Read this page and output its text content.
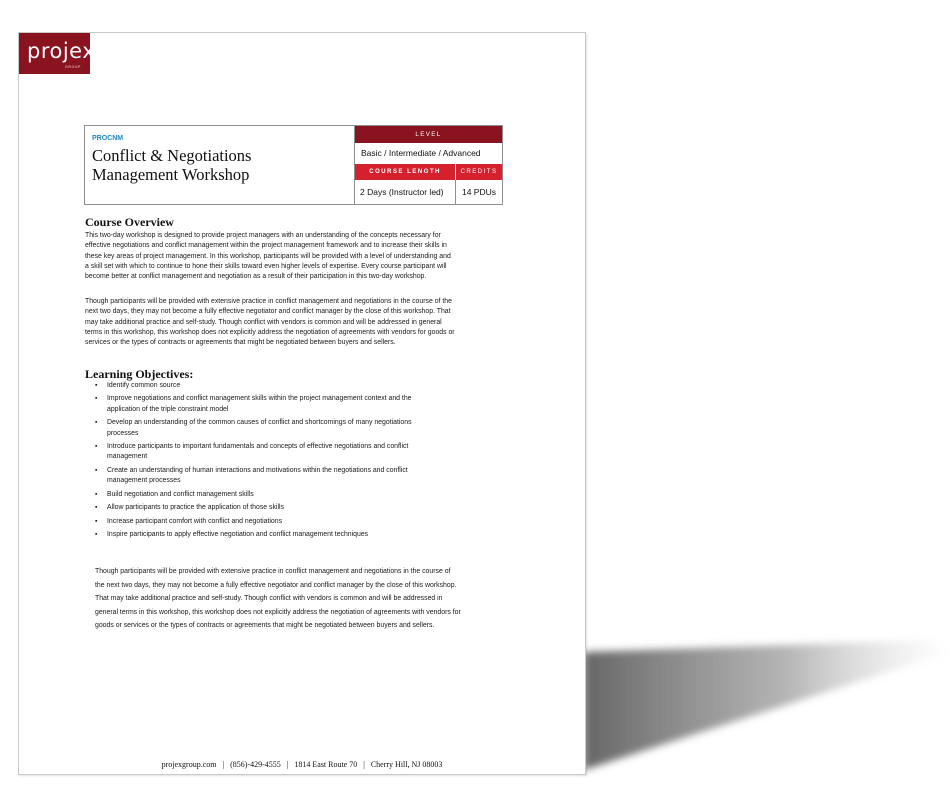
projex
GROUP
PROCNM
Conflict & Negotiations
Management Workshop
LEVEL
Basic / Intermediate / Advanced
COURSE LENGTH	CREDITS
2 Days (Instructor led)	14 PDUs
Course Overview

This two-day workshop is designed to provide project managers with an understanding of the concepts necessary for
effective negotiations and conflict management within the project management framework and to increase their skills in
these key areas of project management. In this workshop, participants will be provided with a level of understanding and
a skill set with which to continue to hone their skills toward even higher levels of expertise. Every course participant will
become better at conflict management and negotiation as a result of their participation in this two-day workshop.

Though participants will be provided with extensive practice in conflict management and negotiations in the course of the
next two days, they may not become a fully effective negotiator and conflict manager by the close of this workshop. That
may take additional practice and self-study. Though conflict with vendors is common and will be addressed in general
terms in this workshop, this workshop does not explicitly address the negotiation of agreements with vendors for goods or
services or the types of contracts or agreements that might be negotiated between buyers and sellers.

Learning Objectives:
▪ Identify common source
▪ Improve negotiations and conflict management skills within the project management context and the
application of the triple constraint model
▪ Develop an understanding of the common causes of conflict and shortcomings of many negotiations
processes
▪ Introduce participants to important fundamentals and concepts of effective negotiations and conflict
management
▪ Create an understanding of human interactions and motivations within the negotiations and conflict
management processes
▪ Build negotiation and conflict management skills
▪ Allow participants to practice the application of those skills
▪ Increase participant comfort with conflict and negotiations
▪ Inspire participants to apply effective negotiation and conflict management techniques

Though participants will be provided with extensive practice in conflict management and negotiations in the course of
the next two days, they may not become a fully effective negotiator and conflict manager by the close of this workshop.
That may take additional practice and self-study. Though conflict with vendors is common and will be addressed in
general terms in this workshop, this workshop does not explicitly address the negotiation of agreements with vendors for
goods or services or the types of contracts or agreements that might be negotiated between buyers and sellers.

projexgroup.com | (856)-429-4555 | 1814 East Route 70 | Cherry Hill, NJ 08003
